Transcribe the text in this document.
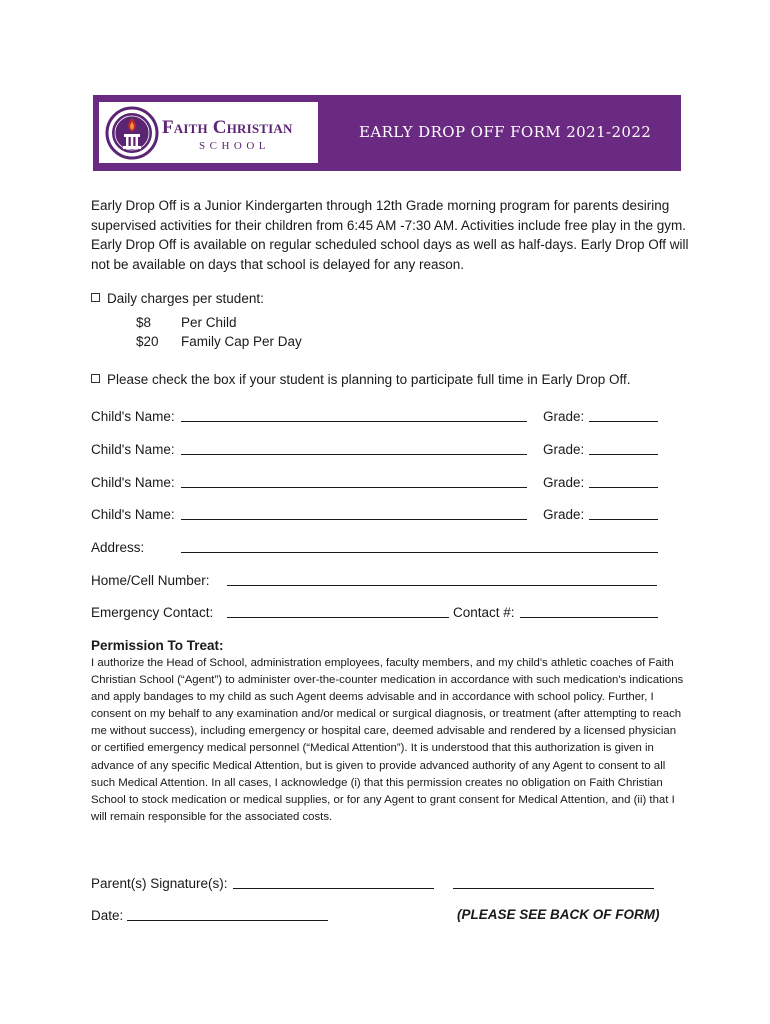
Faith Christian
SCHOOL
EARLY DROP OFF FORM 2021-2022
Early Drop Off is a Junior Kindergarten through 12th Grade morning program for parents desiring supervised activities for their children from 6:45 AM -7:30 AM. Activities include free play in the gym. Early Drop Off is available on regular scheduled school days as well as half-days. Early Drop Off will not be available on days that school is delayed for any reason.
Daily charges per student:
$8 Per Child
$20 Family Cap Per Day
Please check the box if your student is planning to participate full time in Early Drop Off.
Child's Name:	Grade:
Child's Name:	Grade:
Child's Name:	Grade:
Child's Name:	Grade:
Address:
Home/Cell Number:
Emergency Contact:	Contact #:
Permission To Treat:
I authorize the Head of School, administration employees, faculty members, and my child's athletic coaches of Faith Christian School (“Agent”) to administer over-the-counter medication in accordance with such medication's indications and apply bandages to my child as such Agent deems advisable and in accordance with school policy. Further, I consent on my behalf to any examination and/or medical or surgical diagnosis, or treatment (after attempting to reach me without success), including emergency or hospital care, deemed advisable and rendered by a licensed physician or certified emergency medical personnel (“Medical Attention”). It is understood that this authorization is given in advance of any specific Medical Attention, but is given to provide advanced authority of any Agent to consent to all such Medical Attention. In all cases, I acknowledge (i) that this permission creates no obligation on Faith Christian School to stock medication or medical supplies, or for any Agent to grant consent for Medical Attention, and (ii) that I will remain responsible for the associated costs.
Parent(s) Signature(s):
Date:	(PLEASE SEE BACK OF FORM)
